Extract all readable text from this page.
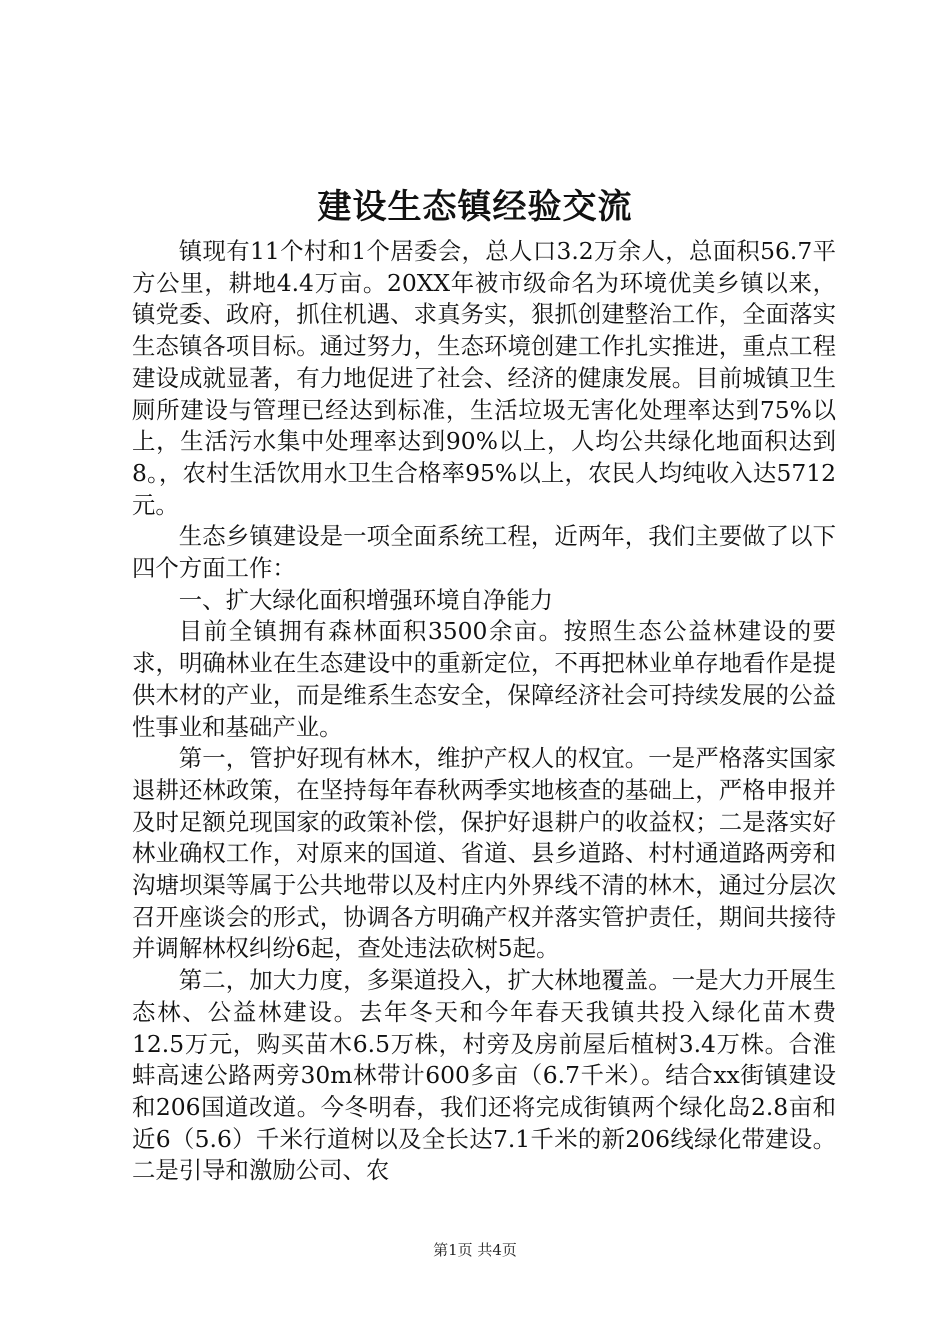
建设生态镇经验交流

镇现有11个村和1个居委会，总人口3.2万余人，总面积56.7平方公里，耕地4.4万亩。20XX年被市级命名为环境优美乡镇以来，镇党委、政府，抓住机遇、求真务实，狠抓创建整治工作，全面落实生态镇各项目标。通过努力，生态环境创建工作扎实推进，重点工程建设成就显著，有力地促进了社会、经济的健康发展。目前城镇卫生厕所建设与管理已经达到标准，生活垃圾无害化处理率达到75%以上，生活污水集中处理率达到90%以上，人均公共绿化地面积达到8。，农村生活饮用水卫生合格率95%以上，农民人均纯收入达5712元。

生态乡镇建设是一项全面系统工程，近两年，我们主要做了以下四个方面工作：

一、扩大绿化面积增强环境自净能力

目前全镇拥有森林面积3500余亩。按照生态公益林建设的要求，明确林业在生态建设中的重新定位，不再把林业单存地看作是提供木材的产业，而是维系生态安全，保障经济社会可持续发展的公益性事业和基础产业。

第一，管护好现有林木，维护产权人的权宜。一是严格落实国家退耕还林政策，在坚持每年春秋两季实地核查的基础上，严格申报并及时足额兑现国家的政策补偿，保护好退耕户的收益权；二是落实好林业确权工作，对原来的国道、省道、县乡道路、村村通道路两旁和沟塘坝渠等属于公共地带以及村庄内外界线不清的林木，通过分层次召开座谈会的形式，协调各方明确产权并落实管护责任，期间共接待并调解林权纠纷6起，查处违法砍树5起。

第二，加大力度，多渠道投入，扩大林地覆盖。一是大力开展生态林、公益林建设。去年冬天和今年春天我镇共投入绿化苗木费12.5万元，购买苗木6.5万株，村旁及房前屋后植树3.4万株。合淮蚌高速公路两旁30m林带计600多亩（6.7千米）。结合xx街镇建设和206国道改道。今冬明春，我们还将完成街镇两个绿化岛2.8亩和近6（5.6）千米行道树以及全长达7.1千米的新206线绿化带建设。二是引导和激励公司、农

第1页 共4页
